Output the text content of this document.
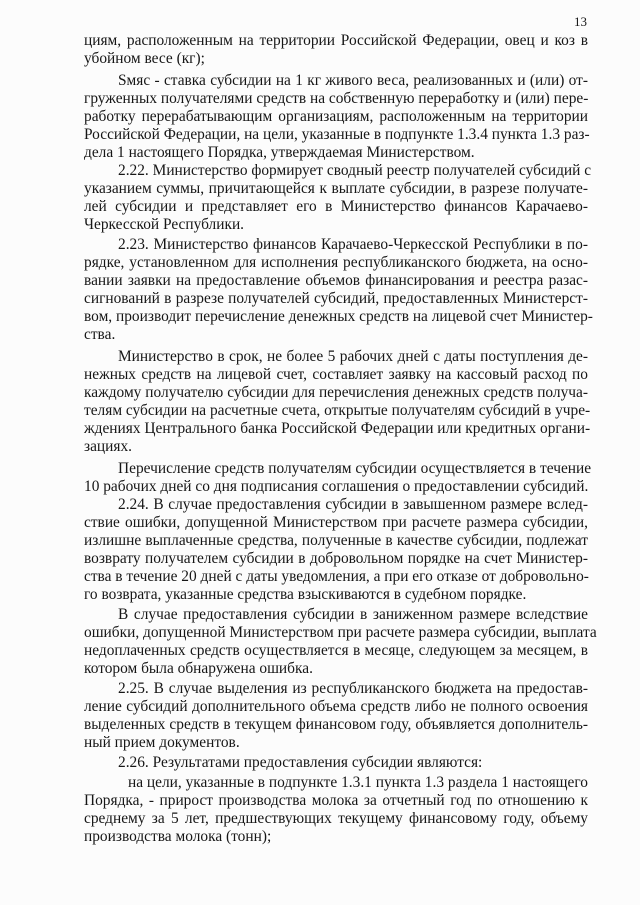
13
циям, расположенным на территории Российской Федерации, овец и коз в
убойном весе (кг);
Sмяс - ставка субсидии на 1 кг живого веса, реализованных и (или) от-
груженных получателями средств на собственную переработку и (или) пере-
работку перерабатывающим организациям, расположенным на территории
Российской Федерации, на цели, указанные в подпункте 1.3.4 пункта 1.3 раз-
дела 1 настоящего Порядка, утверждаемая Министерством.
2.22. Министерство формирует сводный реестр получателей субсидий с
указанием суммы, причитающейся к выплате субсидии, в разрезе получате-
лей субсидии и представляет его в Министерство финансов Карачаево-
Черкесской Республики.
2.23. Министерство финансов Карачаево-Черкесской Республики в по-
рядке, установленном для исполнения республиканского бюджета, на осно-
вании заявки на предоставление объемов финансирования и реестра разас-
сигнований в разрезе получателей субсидий, предоставленных Министерст-
вом, производит перечисление денежных средств на лицевой счет Министер-
ства.
Министерство в срок, не более 5 рабочих дней с даты поступления де-
нежных средств на лицевой счет, составляет заявку на кассовый расход по
каждому получателю субсидии для перечисления денежных средств получа-
телям субсидии на расчетные счета, открытые получателям субсидий в учре-
ждениях Центрального банка Российской Федерации или кредитных органи-
зациях.
Перечисление средств получателям субсидии осуществляется в течение
10 рабочих дней со дня подписания соглашения о предоставлении субсидий.
2.24. В случае предоставления субсидии в завышенном размере вслед-
ствие ошибки, допущенной Министерством при расчете размера субсидии,
излишне выплаченные средства, полученные в качестве субсидии, подлежат
возврату получателем субсидии в добровольном порядке на счет Министер-
ства в течение 20 дней с даты уведомления, а при его отказе от добровольно-
го возврата, указанные средства взыскиваются в судебном порядке.
В случае предоставления субсидии в заниженном размере вследствие
ошибки, допущенной Министерством при расчете размера субсидии, выплата
недоплаченных средств осуществляется в месяце, следующем за месяцем, в
котором была обнаружена ошибка.
2.25. В случае выделения из республиканского бюджета на предостав-
ление субсидий дополнительного объема средств либо не полного освоения
выделенных средств в текущем финансовом году, объявляется дополнитель-
ный прием документов.
2.26. Результатами предоставления субсидии являются:
на цели, указанные в подпункте 1.3.1 пункта 1.3 раздела 1 настоящего
Порядка, - прирост производства молока за отчетный год по отношению к
среднему за 5 лет, предшествующих текущему финансовому году, объему
производства молока (тонн);
